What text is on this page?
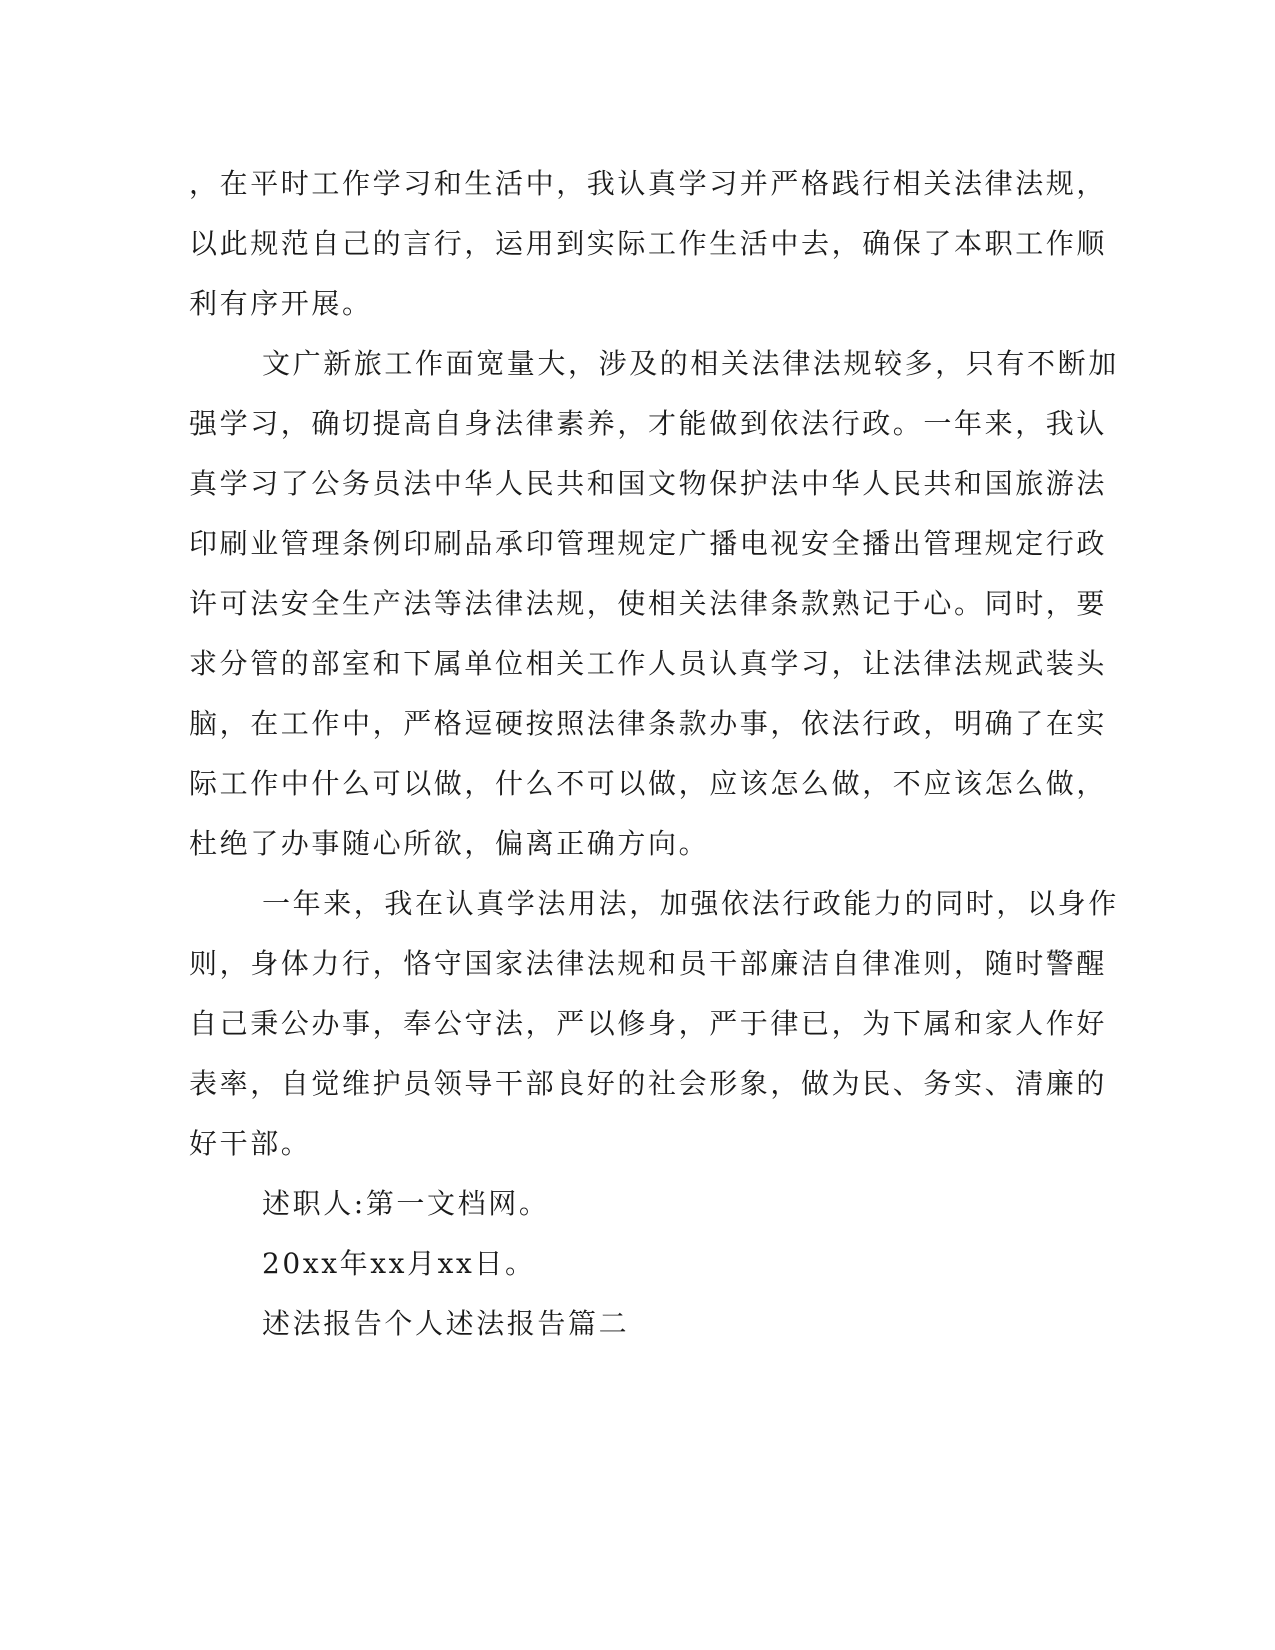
，在平时工作学习和生活中，我认真学习并严格践行相关法律法规，

以此规范自己的言行，运用到实际工作生活中去，确保了本职工作顺

利有序开展。

文广新旅工作面宽量大，涉及的相关法律法规较多，只有不断加

强学习，确切提高自身法律素养，才能做到依法行政。一年来，我认

真学习了公务员法中华人民共和国文物保护法中华人民共和国旅游法

印刷业管理条例印刷品承印管理规定广播电视安全播出管理规定行政

许可法安全生产法等法律法规，使相关法律条款熟记于心。同时，要

求分管的部室和下属单位相关工作人员认真学习，让法律法规武装头

脑，在工作中，严格逗硬按照法律条款办事，依法行政，明确了在实

际工作中什么可以做，什么不可以做，应该怎么做，不应该怎么做，

杜绝了办事随心所欲，偏离正确方向。

一年来，我在认真学法用法，加强依法行政能力的同时，以身作

则，身体力行，恪守国家法律法规和员干部廉洁自律准则，随时警醒

自己秉公办事，奉公守法，严以修身，严于律已，为下属和家人作好

表率，自觉维护员领导干部良好的社会形象，做为民、务实、清廉的

好干部。

述职人:第一文档网。

20xx年xx月xx日。

述法报告个人述法报告篇二
